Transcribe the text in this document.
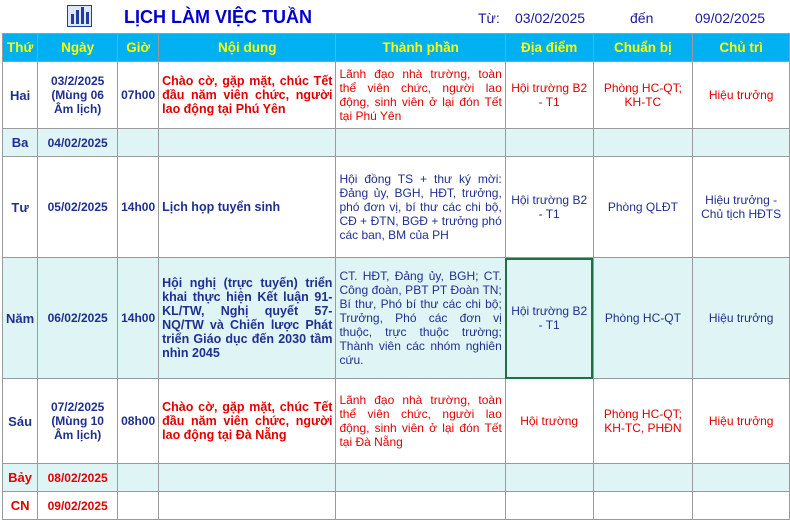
LỊCH LÀM VIỆC TUẦN	Từ: 03/02/2025	đến	09/02/2025
Thứ	Ngày	Giờ	Nội dung	Thành phần	Địa điểm	Chuẩn bị	Chủ trì
Hai	03/2/2025 (Mùng 06 Âm lịch)	07h00	Chào cờ, gặp mặt, chúc Tết đầu năm viên chức, người lao động tại Phú Yên	Lãnh đạo nhà trường, toàn thể viên chức, người lao động, sinh viên ở lại đón Tết tại Phú Yên	Hội trường B2 - T1	Phòng HC-QT; KH-TC	Hiệu trưởng
Ba	04/02/2025						
Tư	05/02/2025	14h00	Lịch họp tuyển sinh	Hội đồng TS + thư ký mời: Đảng ủy, BGH, HĐT, trưởng, phó đơn vị, bí thư các chi bộ, CĐ + ĐTN, BGĐ + trưởng phó các ban, BM của PH	Hội trường B2 - T1	Phòng QLĐT	Hiệu trưởng - Chủ tịch HĐTS
Năm	06/02/2025	14h00	Hội nghị (trực tuyến) triển khai thực hiện Kết luận 91-KL/TW, Nghị quyết 57-NQ/TW và Chiến lược Phát triển Giáo dục đến 2030 tầm nhìn 2045	CT. HĐT, Đảng ủy, BGH; CT. Công đoàn, PBT PT Đoàn TN; Bí thư, Phó bí thư các chi bộ; Trưởng, Phó các đơn vị thuộc, trực thuộc trường; Thành viên các nhóm nghiên cứu.	Hội trường B2 - T1	Phòng HC-QT	Hiệu trưởng
Sáu	07/2/2025 (Mùng 10 Âm lịch)	08h00	Chào cờ, gặp mặt, chúc Tết đầu năm viên chức, người lao động tại Đà Nẵng	Lãnh đạo nhà trường, toàn thể viên chức, người lao động, sinh viên ở lại đón Tết tại Đà Nẵng	Hội trường	Phòng HC-QT; KH-TC, PHĐN	Hiệu trưởng
Bảy	08/02/2025						
CN	09/02/2025						
